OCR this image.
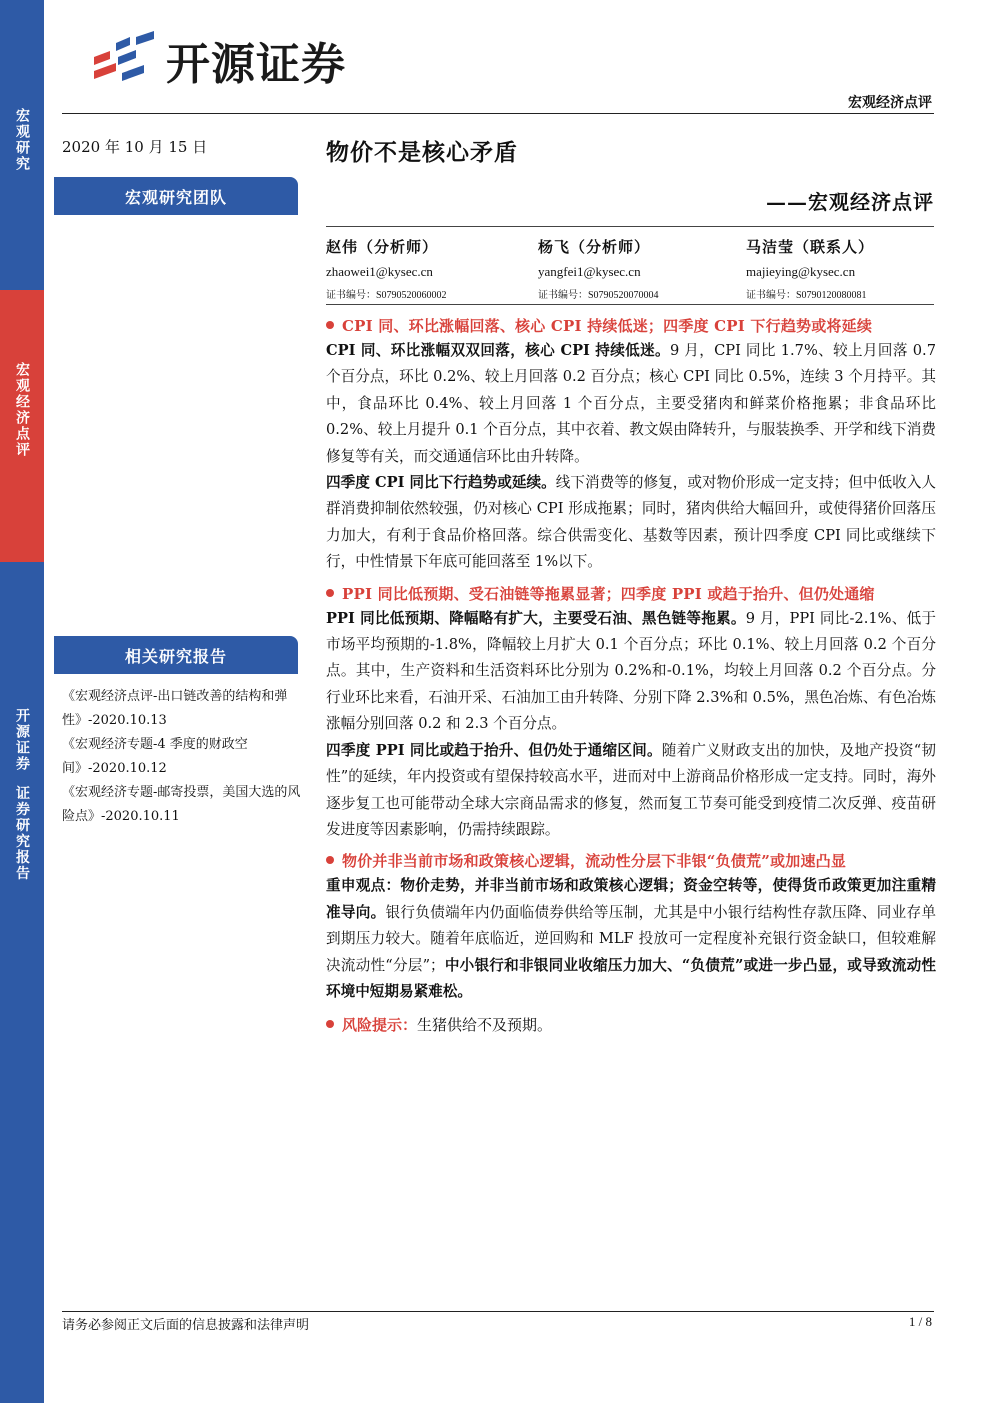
宏观研究
宏观经济点评
开源证券  证券研究报告
开源证券
宏观经济点评
2020 年 10 月 15 日
宏观研究团队
相关研究报告
《宏观经济点评-出口链改善的结构和弹性》-2020.10.13
《宏观经济专题-4 季度的财政空间》-2020.10.12
《宏观经济专题-邮寄投票，美国大选的风险点》-2020.10.11
物价不是核心矛盾
——宏观经济点评
赵伟（分析师）
zhaowei1@kysec.cn
证书编号：S0790520060002
杨飞（分析师）
yangfei1@kysec.cn
证书编号：S0790520070004
马洁莹（联系人）
majieying@kysec.cn
证书编号：S0790120080081
CPI 同、环比涨幅回落、核心 CPI 持续低迷；四季度 CPI 下行趋势或将延续

CPI 同、环比涨幅双双回落，核心 CPI 持续低迷。9 月，CPI 同比 1.7%、较上月回落 0.7 个百分点，环比 0.2%、较上月回落 0.2 百分点；核心 CPI 同比 0.5%，连续 3 个月持平。其中，食品环比 0.4%、较上月回落 1 个百分点，主要受猪肉和鲜菜价格拖累；非食品环比 0.2%、较上月提升 0.1 个百分点，其中衣着、教文娱由降转升，与服装换季、开学和线下消费修复等有关，而交通通信环比由升转降。

四季度 CPI 同比下行趋势或延续。线下消费等的修复，或对物价形成一定支持；但中低收入人群消费抑制依然较强，仍对核心 CPI 形成拖累；同时，猪肉供给大幅回升，或使得猪价回落压力加大，有利于食品价格回落。综合供需变化、基数等因素，预计四季度 CPI 同比或继续下行，中性情景下年底可能回落至 1%以下。

PPI 同比低预期、受石油链等拖累显著；四季度 PPI 或趋于抬升、但仍处通缩

PPI 同比低预期、降幅略有扩大，主要受石油、黑色链等拖累。9 月，PPI 同比-2.1%、低于市场平均预期的-1.8%，降幅较上月扩大 0.1 个百分点；环比 0.1%、较上月回落 0.2 个百分点。其中，生产资料和生活资料环比分别为 0.2%和-0.1%，均较上月回落 0.2 个百分点。分行业环比来看，石油开采、石油加工由升转降、分别下降 2.3%和 0.5%，黑色冶炼、有色冶炼涨幅分别回落 0.2 和 2.3 个百分点。

四季度 PPI 同比或趋于抬升、但仍处于通缩区间。随着广义财政支出的加快，及地产投资“韧性”的延续，年内投资或有望保持较高水平，进而对中上游商品价格形成一定支持。同时，海外逐步复工也可能带动全球大宗商品需求的修复，然而复工节奏可能受到疫情二次反弹、疫苗研发进度等因素影响，仍需持续跟踪。

物价并非当前市场和政策核心逻辑，流动性分层下非银“负债荒”或加速凸显

重申观点：物价走势，并非当前市场和政策核心逻辑；资金空转等，使得货币政策更加注重精准导向。银行负债端年内仍面临债券供给等压制，尤其是中小银行结构性存款压降、同业存单到期压力较大。随着年底临近，逆回购和 MLF 投放可一定程度补充银行资金缺口，但较难解决流动性“分层”；中小银行和非银同业收缩压力加大、“负债荒”或进一步凸显，或导致流动性环境中短期易紧难松。

风险提示：生猪供给不及预期。
请务必参阅正文后面的信息披露和法律声明	1 / 8
